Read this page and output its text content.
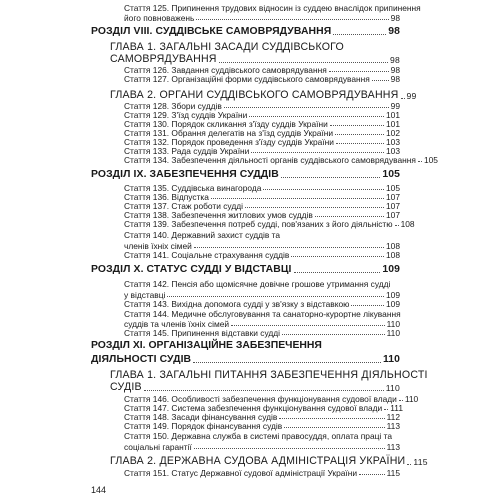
Стаття 125. Припинення трудових відносин із суддею внаслідок припинення
його повноважень	98
РОЗДІЛ VIII. СУДДІВСЬКЕ САМОВРЯДУВАННЯ	98
ГЛАВА 1. ЗАГАЛЬНІ ЗАСАДИ СУДДІВСЬКОГО
САМОВРЯДУВАННЯ	98
Стаття 126. Завдання суддівського самоврядування	98
Стаття 127. Організаційні форми суддівського самоврядування 98
ГЛАВА 2. ОРГАНИ СУДДІВСЬКОГО САМОВРЯДУВАННЯ 99
Стаття 128. Збори суддів	99
Стаття 129. З'їзд суддів України	101
Стаття 130. Порядок скликання з'їзду суддів України	101
Стаття 131. Обрання делегатів на з'їзд суддів України	102
Стаття 132. Порядок проведення з'їзду суддів України	103
Стаття 133. Рада суддів України	103
Стаття 134. Забезпечення діяльності органів суддівського самоврядування 105
РОЗДІЛ IX. ЗАБЕЗПЕЧЕННЯ СУДДІВ	105
Стаття 135. Суддівська винагорода	105
Стаття 136. Відпустка	107
Стаття 137. Стаж роботи судді	107
Стаття 138. Забезпечення житлових умов суддів	107
Стаття 139. Забезпечення потреб судді, пов'язаних з його діяльністю 108
Стаття 140. Державний захист суддів та
членів їхніх сімей	108
Стаття 141. Соціальне страхування суддів	108
РОЗДІЛ X. СТАТУС СУДДІ У ВІДСТАВЦІ	109
Стаття 142. Пенсія або щомісячне довічне грошове утримання судді
у відставці	109
Стаття 143. Вихідна допомога судді у зв'язку з відставкою	109
Стаття 144. Медичне обслуговування та санаторно-курортне лікування
суддів та членів їхніх сімей	110
Стаття 145. Припинення відставки судді	110
РОЗДІЛ XI. ОРГАНІЗАЦІЙНЕ ЗАБЕЗПЕЧЕННЯ
ДІЯЛЬНОСТІ СУДІВ	110
ГЛАВА 1. ЗАГАЛЬНІ ПИТАННЯ ЗАБЕЗПЕЧЕННЯ ДІЯЛЬНОСТІ
СУДІВ	110
Стаття 146. Особливості забезпечення функціонування судової влади 110
Стаття 147. Система забезпечення функціонування судової влади 111
Стаття 148. Засади фінансування судів	112
Стаття 149. Порядок фінансування судів	113
Стаття 150. Державна служба в системі правосуддя, оплата праці та
соціальні гарантії	113
ГЛАВА 2. ДЕРЖАВНА СУДОВА АДМІНІСТРАЦІЯ УКРАЇНИ 115
Стаття 151. Статус Державної судової адміністрації України	115
144
